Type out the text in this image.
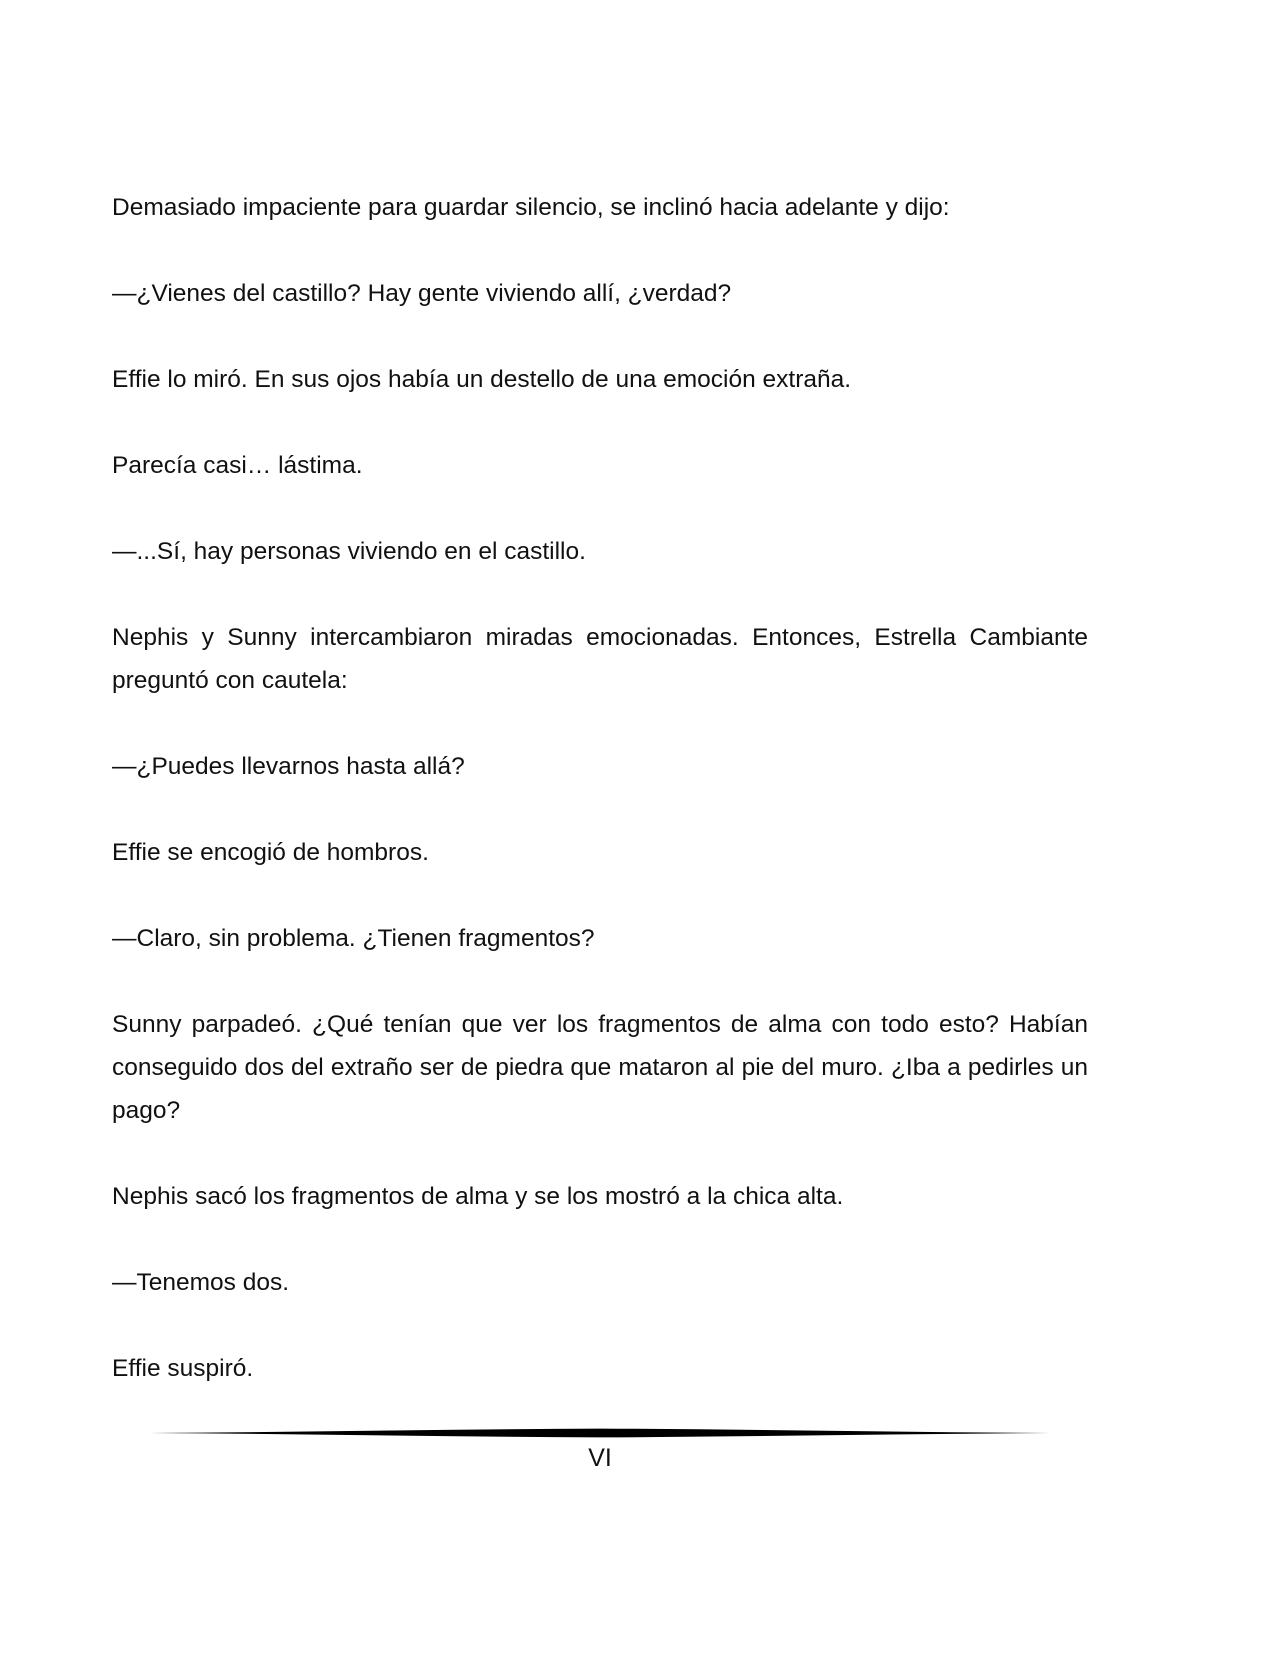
Demasiado impaciente para guardar silencio, se inclinó hacia adelante y dijo:

—¿Vienes del castillo? Hay gente viviendo allí, ¿verdad?

Effie lo miró. En sus ojos había un destello de una emoción extraña.

Parecía casi… lástima.

—...Sí, hay personas viviendo en el castillo.

Nephis y Sunny intercambiaron miradas emocionadas. Entonces, Estrella Cambiante preguntó con cautela:

—¿Puedes llevarnos hasta allá?

Effie se encogió de hombros.

—Claro, sin problema. ¿Tienen fragmentos?

Sunny parpadeó. ¿Qué tenían que ver los fragmentos de alma con todo esto? Habían conseguido dos del extraño ser de piedra que mataron al pie del muro. ¿Iba a pedirles un pago?

Nephis sacó los fragmentos de alma y se los mostró a la chica alta.

—Tenemos dos.

Effie suspiró.

VI
